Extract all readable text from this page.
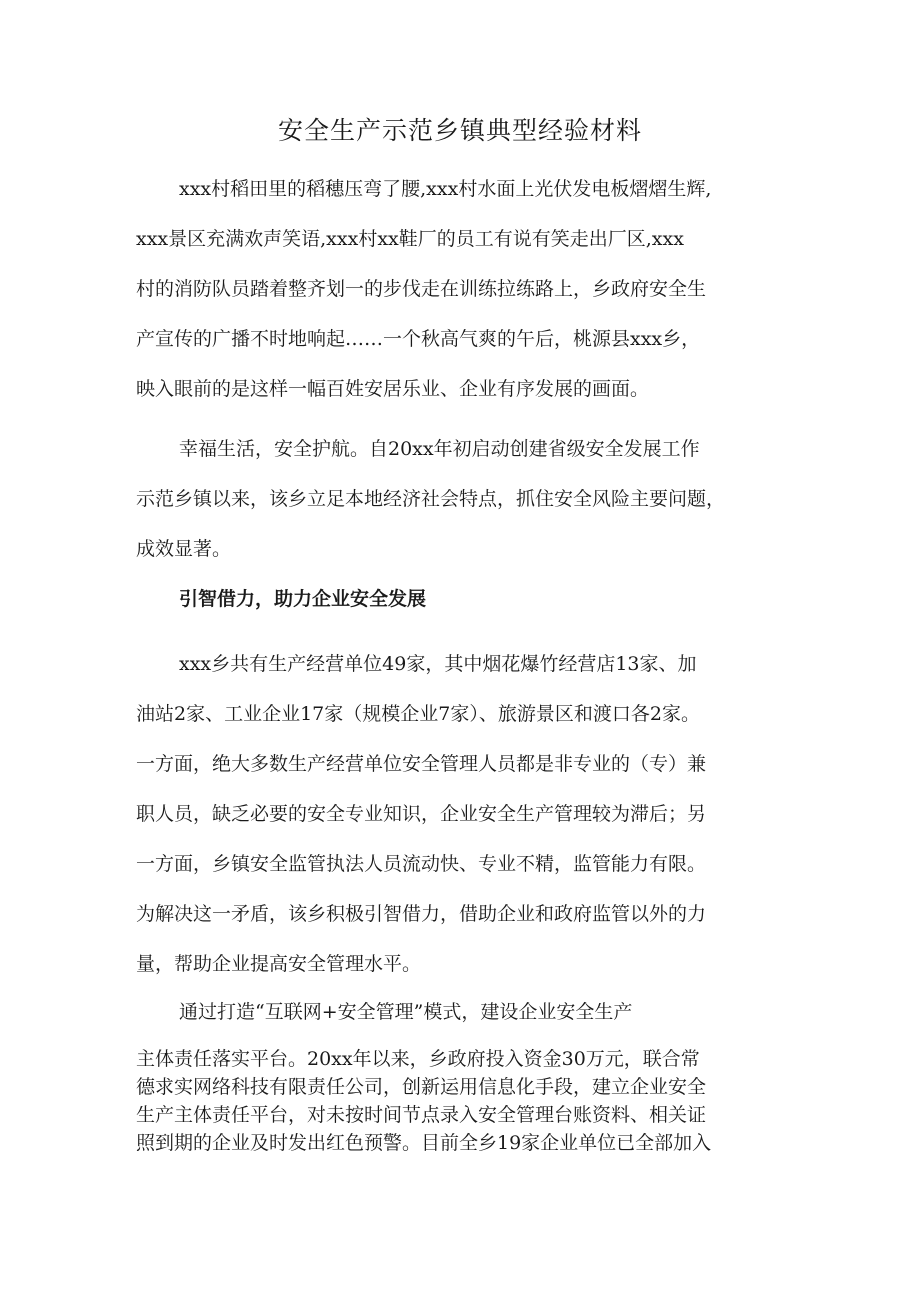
安全生产示范乡镇典型经验材料
xxx村稻田里的稻穗压弯了腰,xxx村水面上光伏发电板熠熠生辉,
xxx景区充满欢声笑语,xxx村xx鞋厂的员工有说有笑走出厂区,xxx
村的消防队员踏着整齐划一的步伐走在训练拉练路上，乡政府安全生
产宣传的广播不时地响起……一个秋高气爽的午后，桃源县xxx乡，
映入眼前的是这样一幅百姓安居乐业、企业有序发展的画面。
幸福生活，安全护航。自20xx年初启动创建省级安全发展工作
示范乡镇以来，该乡立足本地经济社会特点，抓住安全风险主要问题，
成效显著。
引智借力，助力企业安全发展
xxx乡共有生产经营单位49家，其中烟花爆竹经营店13家、加
油站2家、工业企业17家（规模企业7家）、旅游景区和渡口各2家。
一方面，绝大多数生产经营单位安全管理人员都是非专业的（专）兼
职人员，缺乏必要的安全专业知识，企业安全生产管理较为滞后；另
一方面，乡镇安全监管执法人员流动快、专业不精，监管能力有限。
为解决这一矛盾，该乡积极引智借力，借助企业和政府监管以外的力
量，帮助企业提高安全管理水平。
通过打造“互联网+安全管理”模式，建设企业安全生产
主体责任落实平台。20xx年以来，乡政府投入资金30万元，联合常
德求实网络科技有限责任公司，创新运用信息化手段，建立企业安全
生产主体责任平台，对未按时间节点录入安全管理台账资料、相关证
照到期的企业及时发出红色预警。目前全乡19家企业单位已全部加入
